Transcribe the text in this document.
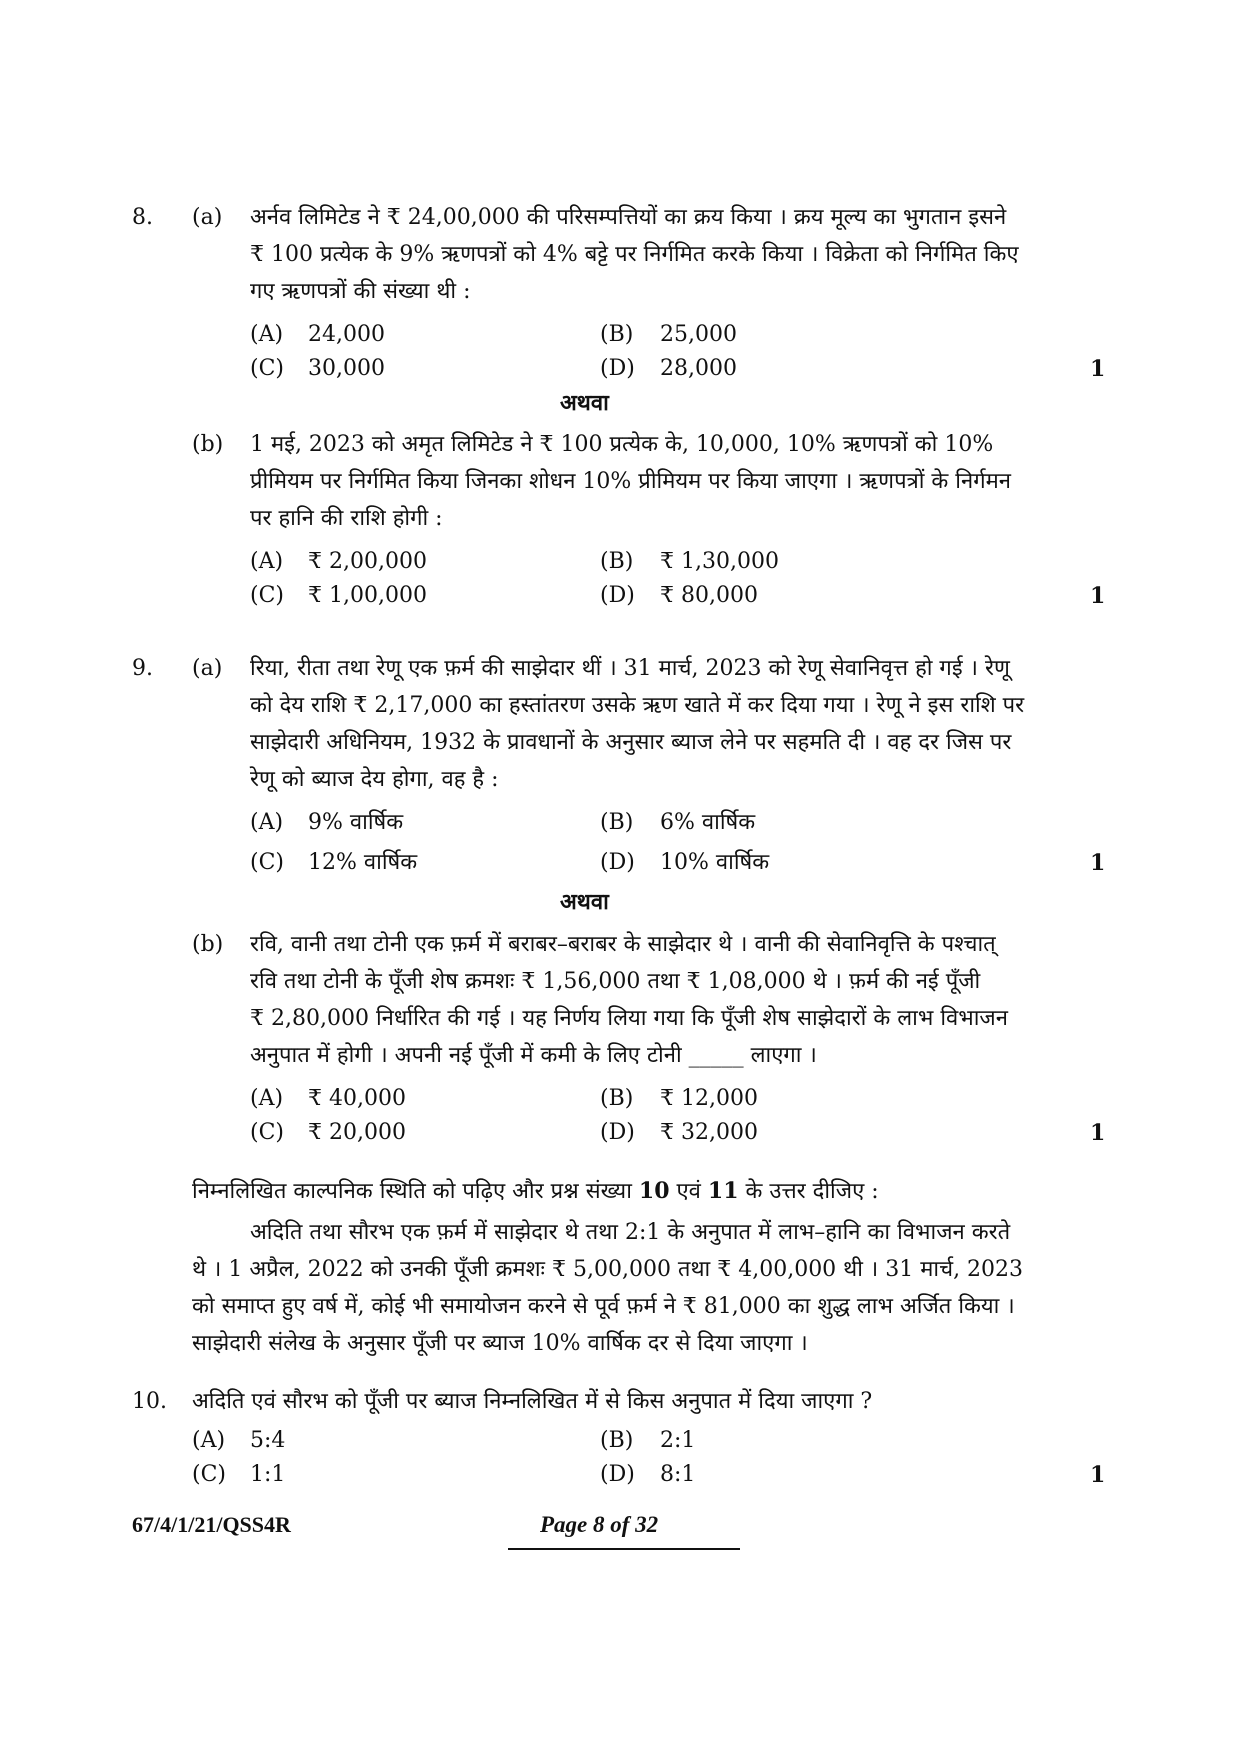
8. (a) अर्नव लिमिटेड ने ₹ 24,00,000 की परिसम्पत्तियों का क्रय किया । क्रय मूल्य का भुगतान इसने
₹ 100 प्रत्येक के 9% ऋणपत्रों को 4% बट्टे पर निर्गमित करके किया । विक्रेता को निर्गमित किए
गए ऋणपत्रों की संख्या थी :
(A) 24,000	(B) 25,000
(C) 30,000	(D) 28,000	1
अथवा
(b) 1 मई, 2023 को अमृत लिमिटेड ने ₹ 100 प्रत्येक के, 10,000, 10% ऋणपत्रों को 10%
प्रीमियम पर निर्गमित किया जिनका शोधन 10% प्रीमियम पर किया जाएगा । ऋणपत्रों के निर्गमन
पर हानि की राशि होगी :
(A) ₹ 2,00,000	(B) ₹ 1,30,000
(C) ₹ 1,00,000	(D) ₹ 80,000	1
9. (a) रिया, रीता तथा रेणू एक फ़र्म की साझेदार थीं । 31 मार्च, 2023 को रेणू सेवानिवृत्त हो गई । रेणू
को देय राशि ₹ 2,17,000 का हस्तांतरण उसके ऋण खाते में कर दिया गया । रेणू ने इस राशि पर
साझेदारी अधिनियम, 1932 के प्रावधानों के अनुसार ब्याज लेने पर सहमति दी । वह दर जिस पर
रेणू को ब्याज देय होगा, वह है :
(A) 9% वार्षिक	(B) 6% वार्षिक
(C) 12% वार्षिक	(D) 10% वार्षिक	1
अथवा
(b) रवि, वानी तथा टोनी एक फ़र्म में बराबर–बराबर के साझेदार थे । वानी की सेवानिवृत्ति के पश्चात्
रवि तथा टोनी के पूँजी शेष क्रमशः ₹ 1,56,000 तथा ₹ 1,08,000 थे । फ़र्म की नई पूँजी
₹ 2,80,000 निर्धारित की गई । यह निर्णय लिया गया कि पूँजी शेष साझेदारों के लाभ विभाजन
अनुपात में होगी । अपनी नई पूँजी में कमी के लिए टोनी _____ लाएगा ।
(A) ₹ 40,000	(B) ₹ 12,000
(C) ₹ 20,000	(D) ₹ 32,000	1
निम्नलिखित काल्पनिक स्थिति को पढ़िए और प्रश्न संख्या 10 एवं 11 के उत्तर दीजिए :
अदिति तथा सौरभ एक फ़र्म में साझेदार थे तथा 2:1 के अनुपात में लाभ–हानि का विभाजन करते
थे । 1 अप्रैल, 2022 को उनकी पूँजी क्रमशः ₹ 5,00,000 तथा ₹ 4,00,000 थी । 31 मार्च, 2023
को समाप्त हुए वर्ष में, कोई भी समायोजन करने से पूर्व फ़र्म ने ₹ 81,000 का शुद्ध लाभ अर्जित किया ।
साझेदारी संलेख के अनुसार पूँजी पर ब्याज 10% वार्षिक दर से दिया जाएगा ।
10. अदिति एवं सौरभ को पूँजी पर ब्याज निम्नलिखित में से किस अनुपात में दिया जाएगा ?
(A) 5:4	(B) 2:1
(C) 1:1	(D) 8:1	1
67/4/1/21/QSS4R	Page 8 of 32
